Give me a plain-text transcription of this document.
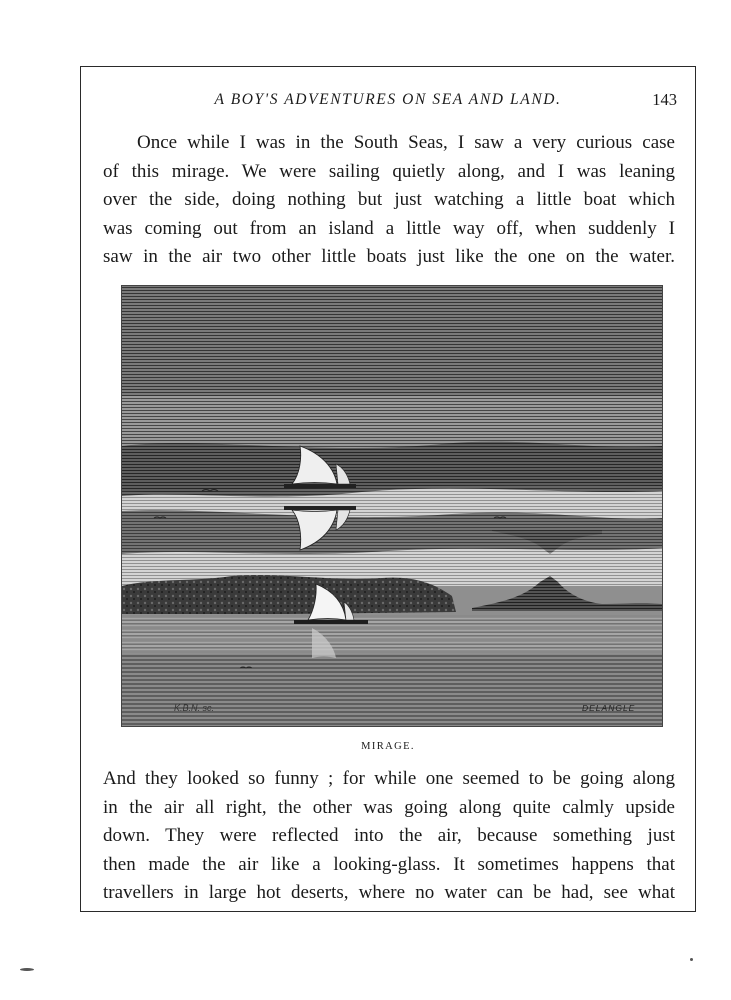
A BOY'S ADVENTURES ON SEA AND LAND.	143
Once while I was in the South Seas, I saw a very curious case
of this mirage. We were sailing quietly along, and I was leaning
over the side, doing nothing but just watching a little boat which
was coming out from an island a little way off, when suddenly I
saw in the air two other little boats just like the one on the water.
K.B.N. sc.	DELANGLE
MIRAGE.
And they looked so funny ; for while one seemed to be going along
in the air all right, the other was going along quite calmly upside
down. They were reflected into the air, because something just
then made the air like a looking-glass. It sometimes happens that
travellers in large hot deserts, where no water can be had, see what
